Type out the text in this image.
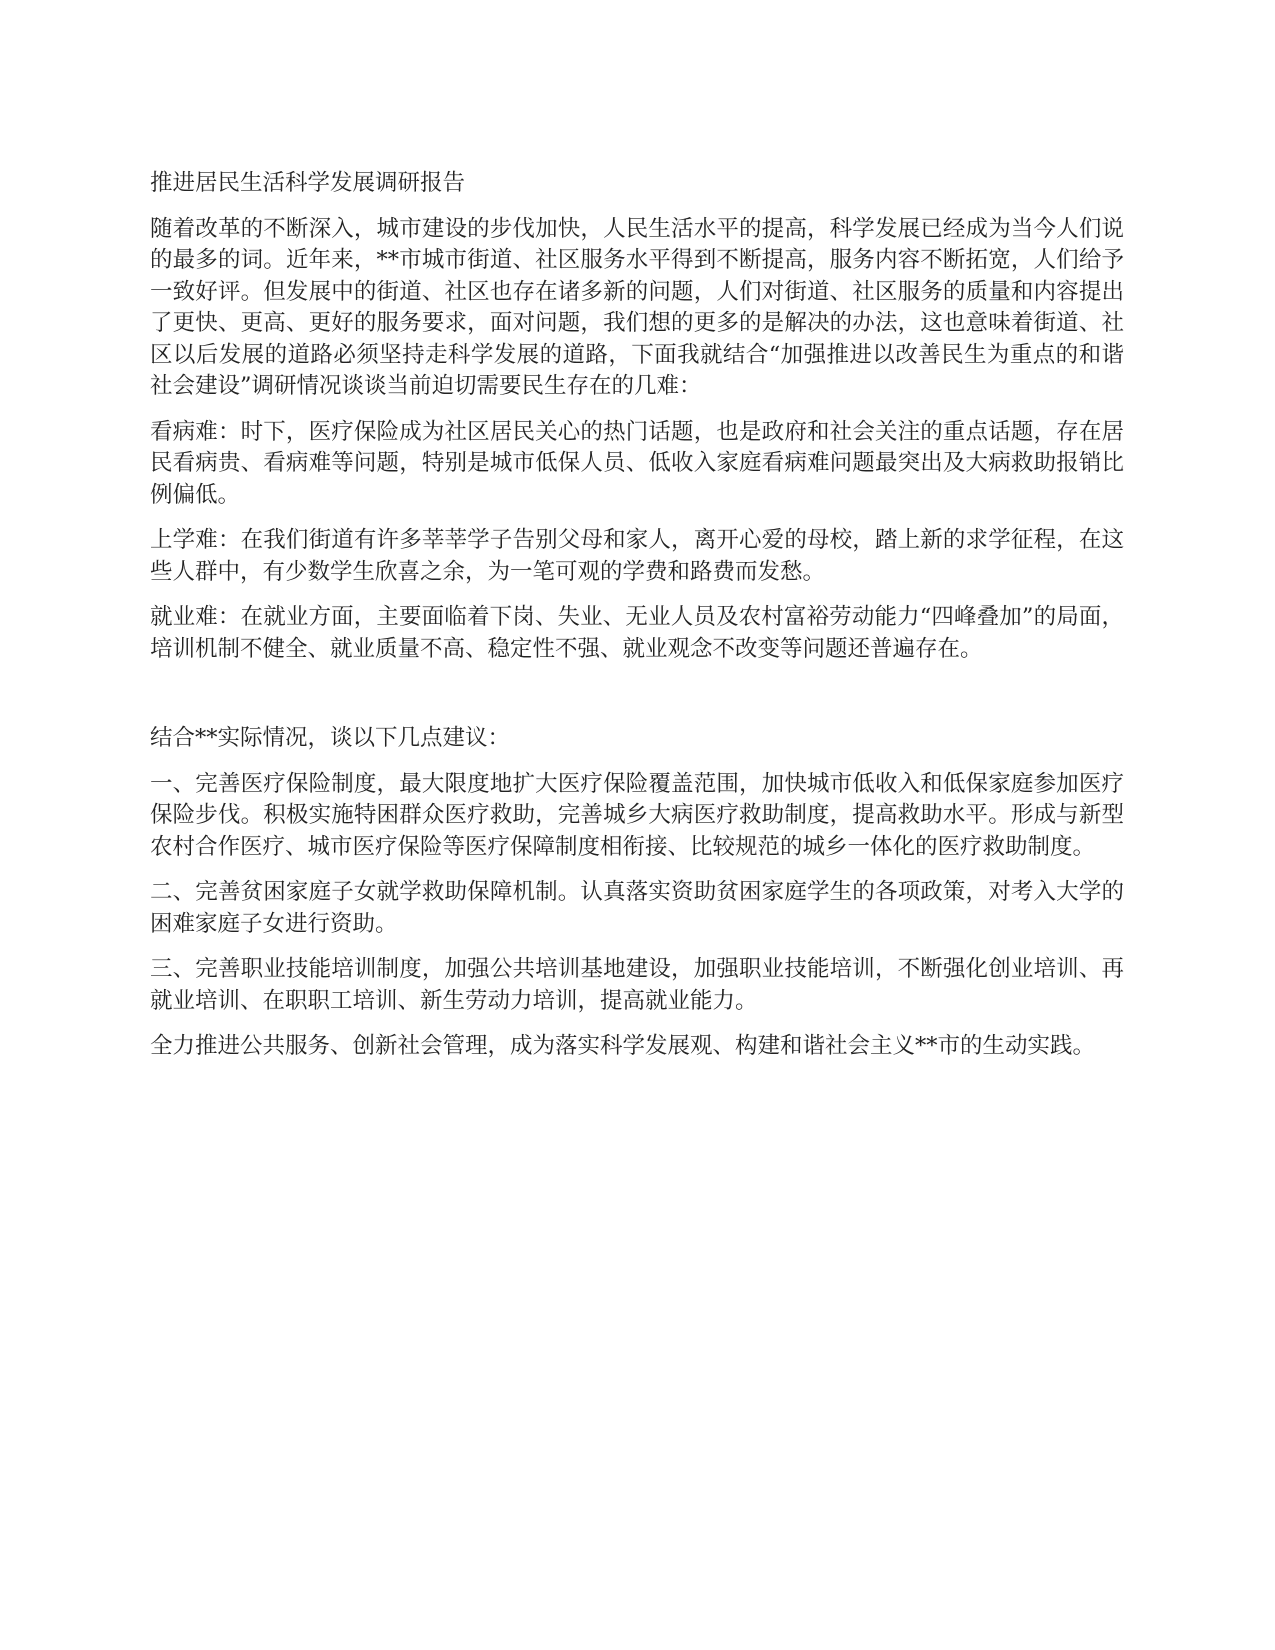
推进居民生活科学发展调研报告

随着改革的不断深入，城市建设的步伐加快，人民生活水平的提高，科学发展已经成为当今人们说的最多的词。近年来，**市城市街道、社区服务水平得到不断提高，服务内容不断拓宽，人们给予一致好评。但发展中的街道、社区也存在诸多新的问题，人们对街道、社区服务的质量和内容提出了更快、更高、更好的服务要求，面对问题，我们想的更多的是解决的办法，这也意味着街道、社区以后发展的道路必须坚持走科学发展的道路，下面我就结合“加强推进以改善民生为重点的和谐社会建设”调研情况谈谈当前迫切需要民生存在的几难：

看病难：时下，医疗保险成为社区居民关心的热门话题，也是政府和社会关注的重点话题，存在居民看病贵、看病难等问题，特别是城市低保人员、低收入家庭看病难问题最突出及大病救助报销比例偏低。

上学难：在我们街道有许多莘莘学子告别父母和家人，离开心爱的母校，踏上新的求学征程，在这些人群中，有少数学生欣喜之余，为一笔可观的学费和路费而发愁。

就业难：在就业方面，主要面临着下岗、失业、无业人员及农村富裕劳动能力“四峰叠加”的局面，培训机制不健全、就业质量不高、稳定性不强、就业观念不改变等问题还普遍存在。

结合**实际情况，谈以下几点建议：

一、完善医疗保险制度，最大限度地扩大医疗保险覆盖范围，加快城市低收入和低保家庭参加医疗保险步伐。积极实施特困群众医疗救助，完善城乡大病医疗救助制度，提高救助水平。形成与新型农村合作医疗、城市医疗保险等医疗保障制度相衔接、比较规范的城乡一体化的医疗救助制度。

二、完善贫困家庭子女就学救助保障机制。认真落实资助贫困家庭学生的各项政策，对考入大学的困难家庭子女进行资助。

三、完善职业技能培训制度，加强公共培训基地建设，加强职业技能培训，不断强化创业培训、再就业培训、在职职工培训、新生劳动力培训，提高就业能力。

全力推进公共服务、创新社会管理，成为落实科学发展观、构建和谐社会主义**市的生动实践。
